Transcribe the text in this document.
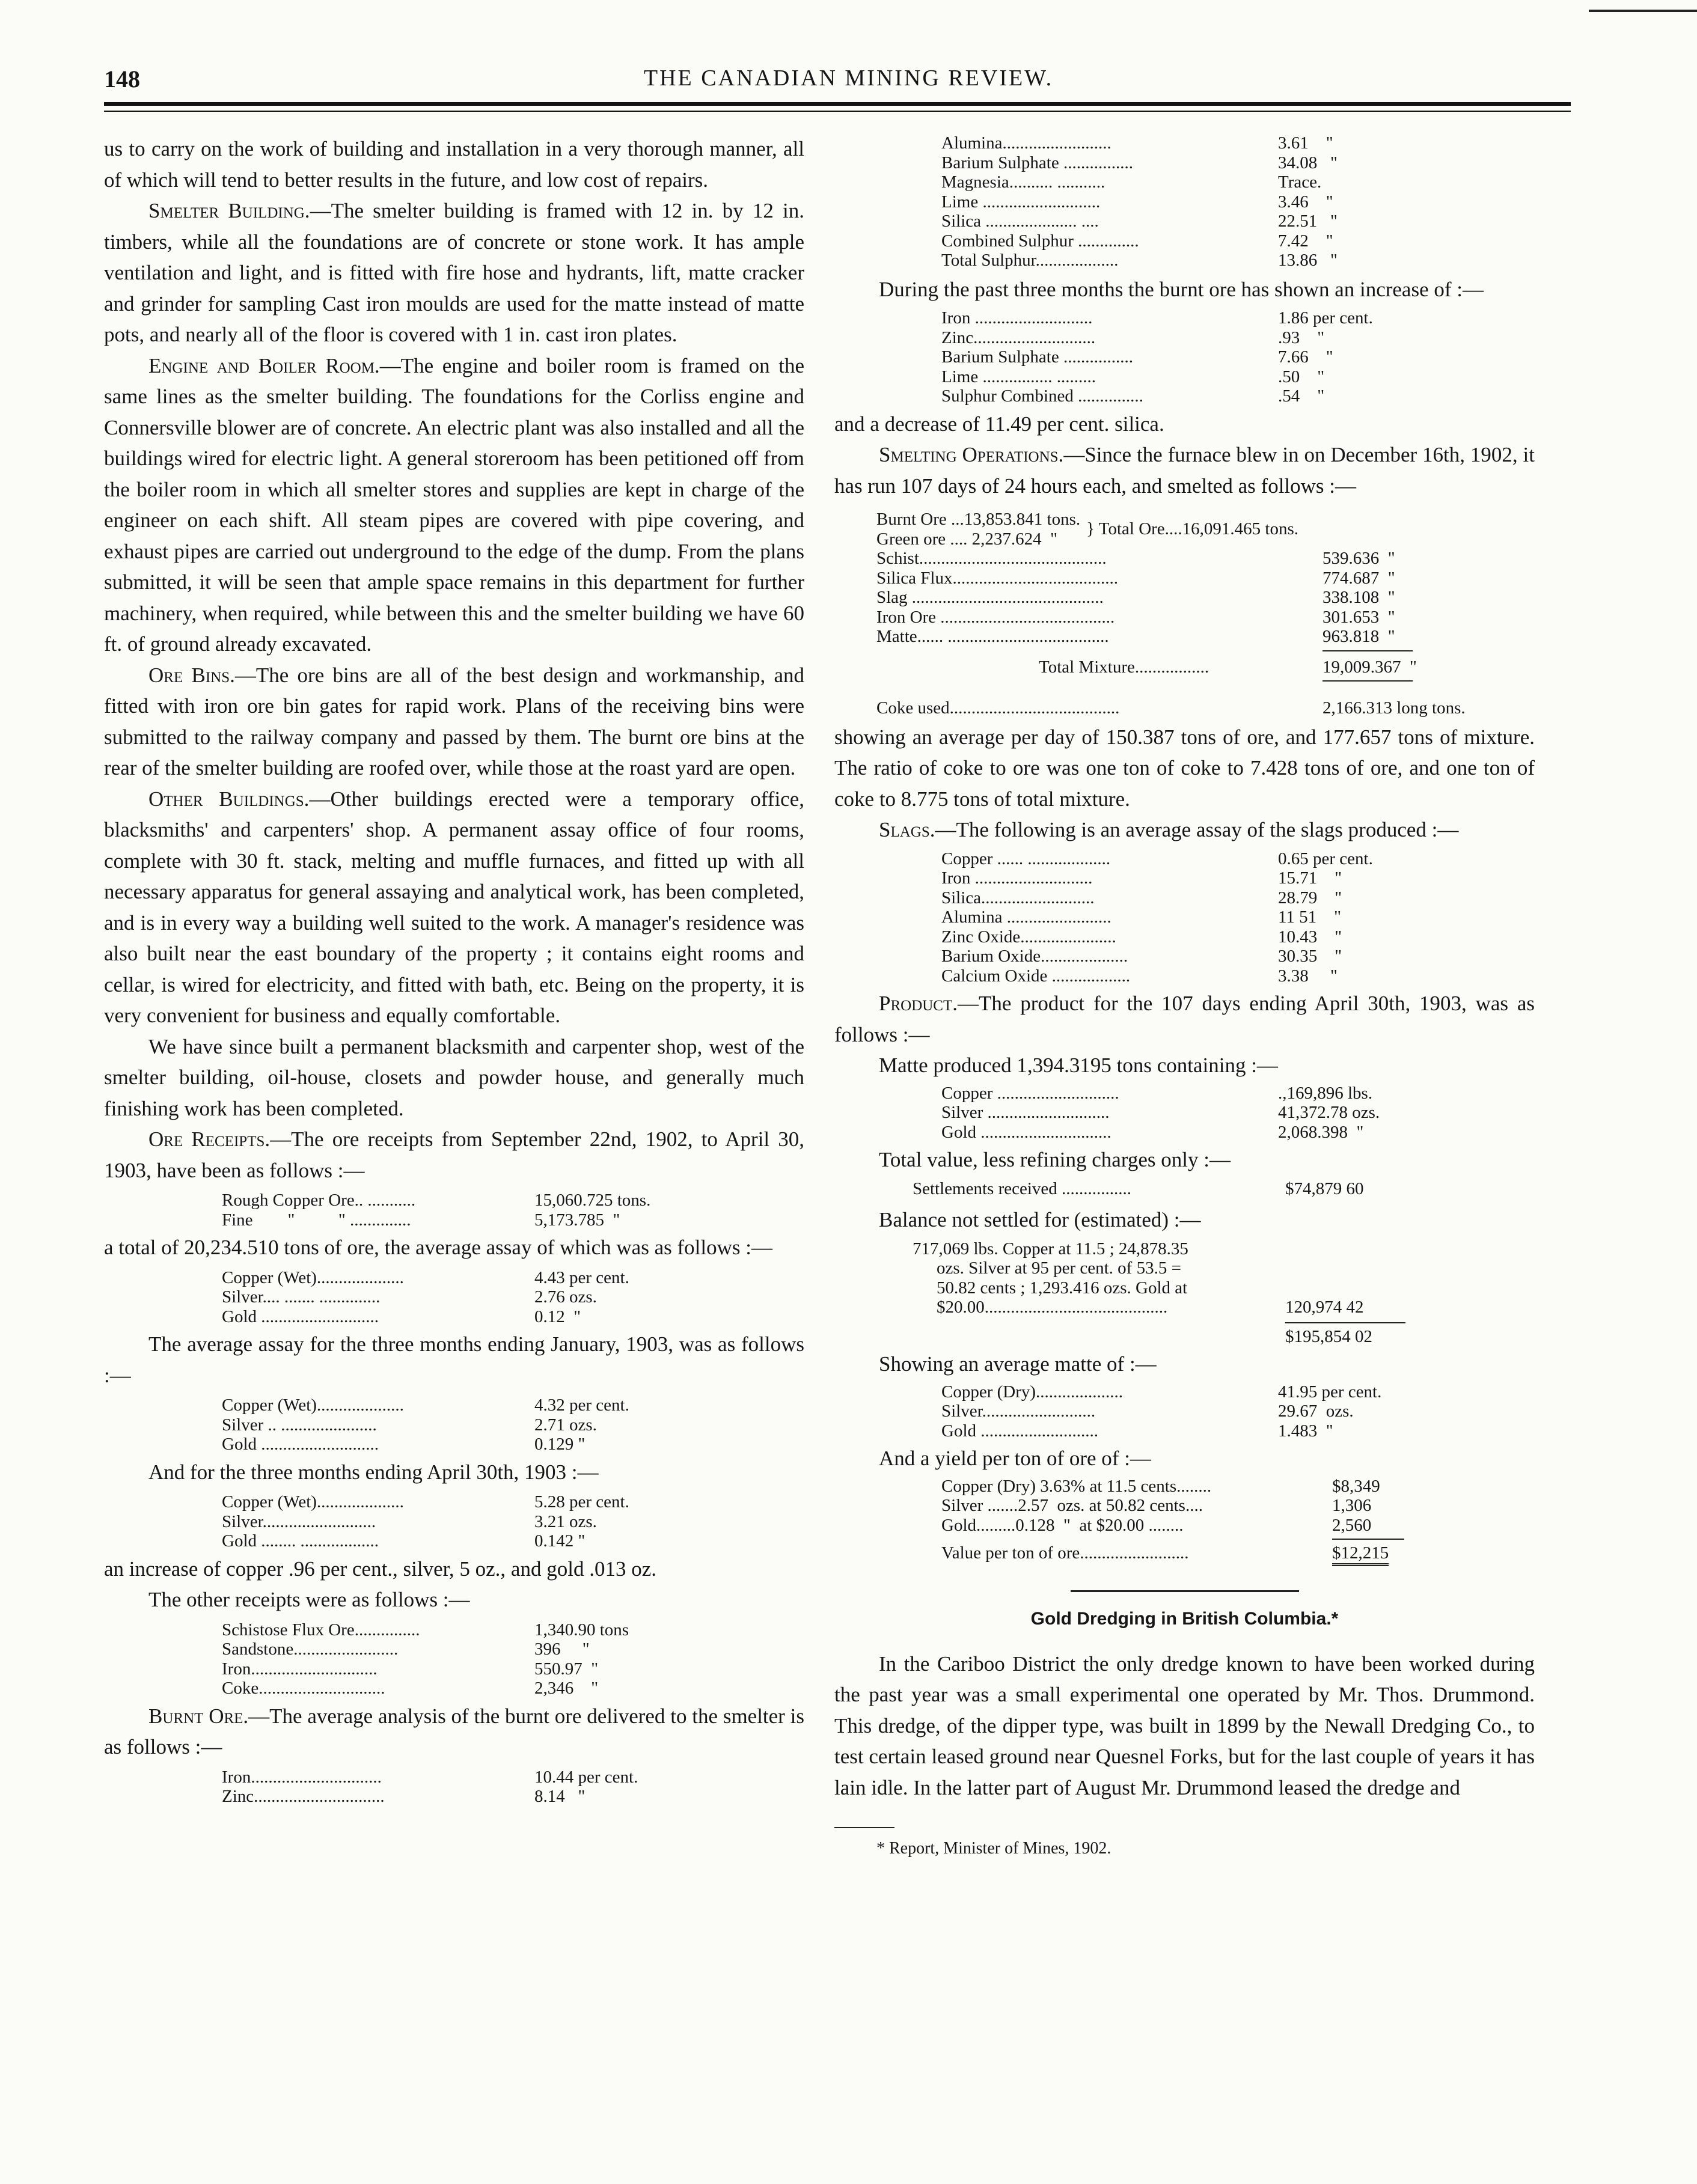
148	THE CANADIAN MINING REVIEW.

us to carry on the work of building and installation in a very thorough manner, all of which will tend to better results in the future, and low cost of repairs.

Smelter Building.—The smelter building is framed with 12 in. by 12 in. timbers, while all the foundations are of concrete or stone work. It has ample ventilation and light, and is fitted with fire hose and hydrants, lift, matte cracker and grinder for sampling Cast iron moulds are used for the matte instead of matte pots, and nearly all of the floor is covered with 1 in. cast iron plates.

Engine and Boiler Room.—The engine and boiler room is framed on the same lines as the smelter building. The foundations for the Corliss engine and Connersville blower are of concrete. An electric plant was also installed and all the buildings wired for electric light. A general storeroom has been petitioned off from the boiler room in which all smelter stores and supplies are kept in charge of the engineer on each shift. All steam pipes are covered with pipe covering, and exhaust pipes are carried out underground to the edge of the dump. From the plans submitted, it will be seen that ample space remains in this department for further machinery, when required, while between this and the smelter building we have 60 ft. of ground already excavated.

Ore Bins.—The ore bins are all of the best design and workmanship, and fitted with iron ore bin gates for rapid work. Plans of the receiving bins were submitted to the railway company and passed by them. The burnt ore bins at the rear of the smelter building are roofed over, while those at the roast yard are open.

Other Buildings.—Other buildings erected were a temporary office, blacksmiths' and carpenters' shop. A permanent assay office of four rooms, complete with 30 ft. stack, melting and muffle furnaces, and fitted up with all necessary apparatus for general assaying and analytical work, has been completed, and is in every way a building well suited to the work. A manager's residence was also built near the east boundary of the property ; it contains eight rooms and cellar, is wired for electricity, and fitted with bath, etc. Being on the property, it is very convenient for business and equally comfortable.

We have since built a permanent blacksmith and carpenter shop, west of the smelter building, oil-house, closets and powder house, and generally much finishing work has been completed.

Ore Receipts.—The ore receipts from September 22nd, 1902, to April 30, 1903, have been as follows :—

Rough Copper Ore.. ...........	15,060.725 tons.
Fine        "          " ..............	5,173.785  "

a total of 20,234.510 tons of ore, the average assay of which was as follows :—

Copper (Wet)....................	4.43 per cent.
Silver.... ....... ..............	2.76 ozs.
Gold ...........................	0.12  "

The average assay for the three months ending January, 1903, was as follows :—

Copper (Wet)....................	4.32 per cent.
Silver .. ......................	2.71 ozs.
Gold ...........................	0.129 "

And for the three months ending April 30th, 1903 :—

Copper (Wet)....................	5.28 per cent.
Silver..........................	3.21 ozs.
Gold ........ ..................	0.142 "

an increase of copper .96 per cent., silver, 5 oz., and gold .013 oz.

The other receipts were as follows :—

Schistose Flux Ore...............	1,340.90 tons
Sandstone........................	396     "
Iron.............................	550.97  "
Coke.............................	2,346    "

Burnt Ore.—The average analysis of the burnt ore delivered to the smelter is as follows :—

Iron..............................	10.44 per cent.
Zinc..............................	8.14   "
Alumina.........................	3.61    "
Barium Sulphate ................	34.08   "
Magnesia.......... ...........	Trace.
Lime ...........................	3.46    "
Silica ..................... ....	22.51   "
Combined Sulphur ..............	7.42    "
Total Sulphur...................	13.86   "

During the past three months the burnt ore has shown an increase of :—

Iron ...........................	1.86 per cent.
Zinc............................	.93    "
Barium Sulphate ................	7.66    "
Lime ................ .........	.50    "
Sulphur Combined ...............	.54    "

and a decrease of 11.49 per cent. silica.

Smelting Operations.—Since the furnace blew in on December 16th, 1902, it has run 107 days of 24 hours each, and smelted as follows :—

Burnt Ore ...13,853.841 tons.
Green ore .... 2,237.624  "
} Total Ore....16,091.465 tons.
Schist...........................................	539.636  "
Silica Flux......................................	774.687  "
Slag ............................................	338.108  "
Iron Ore ........................................	301.653  "
Matte...... .....................................	963.818  "
Total Mixture.................	19,009.367  "
Coke used.......................................	2,166.313 long tons.

showing an average per day of 150.387 tons of ore, and 177.657 tons of mixture. The ratio of coke to ore was one ton of coke to 7.428 tons of ore, and one ton of coke to 8.775 tons of total mixture.

Slags.—The following is an average assay of the slags produced :—

Copper ...... ...................	0.65 per cent.
Iron ...........................	15.71    "
Silica..........................	28.79    "
Alumina ........................	11 51    "
Zinc Oxide......................	10.43    "
Barium Oxide....................	30.35    "
Calcium Oxide ..................	3.38     "

Product.—The product for the 107 days ending April 30th, 1903, was as follows :—

Matte produced 1,394.3195 tons containing :—

Copper ............................	.,169,896 lbs.
Silver ............................	41,372.78 ozs.
Gold ..............................	2,068.398  "

Total value, less refining charges only :—

Settlements received ................	$74,879 60

Balance not settled for (estimated) :—

717,069 lbs. Copper at 11.5 ; 24,878.35
ozs. Silver at 95 per cent. of 53.5 =
50.82 cents ; 1,293.416 ozs. Gold at
$20.00..........................................	120,974 42
$195,854 02

Showing an average matte of :—

Copper (Dry)....................	41.95 per cent.
Silver..........................	29.67  ozs.
Gold ...........................	1.483  "

And a yield per ton of ore of :—

Copper (Dry) 3.63% at 11.5 cents........	$8,349
Silver .......2.57  ozs. at 50.82 cents....	1,306
Gold.........0.128  "  at $20.00 ........	2,560
Value per ton of ore.........................	$12,215
Gold Dredging in British Columbia.*

In the Cariboo District the only dredge known to have been worked during the past year was a small experimental one operated by Mr. Thos. Drummond. This dredge, of the dipper type, was built in 1899 by the Newall Dredging Co., to test certain leased ground near Quesnel Forks, but for the last couple of years it has lain idle. In the latter part of August Mr. Drummond leased the dredge and

* Report, Minister of Mines, 1902.
